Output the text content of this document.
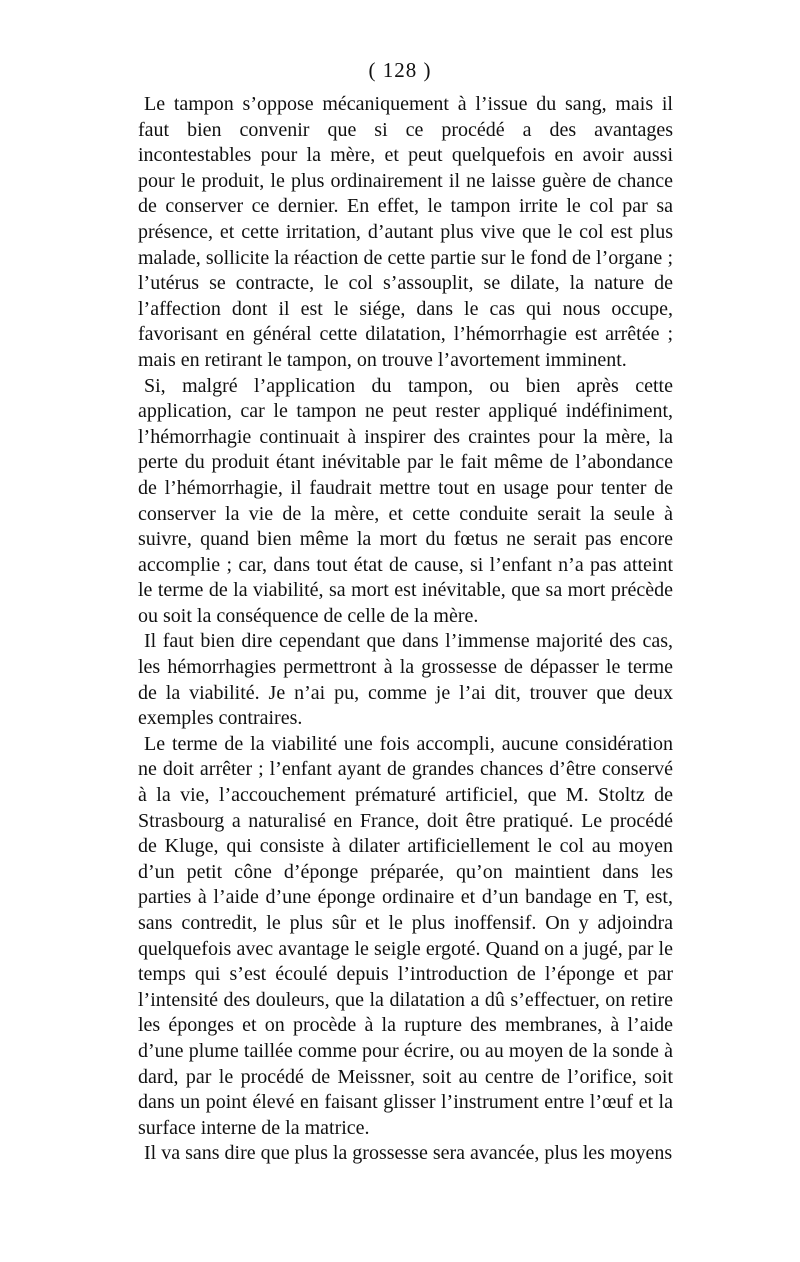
( 128 )

Le tampon s’oppose mécaniquement à l’issue du sang, mais il faut bien convenir que si ce procédé a des avantages incontestables pour la mère, et peut quelquefois en avoir aussi pour le produit, le plus ordinairement il ne laisse guère de chance de conserver ce dernier. En effet, le tampon irrite le col par sa présence, et cette irritation, d’autant plus vive que le col est plus malade, sollicite la réaction de cette partie sur le fond de l’organe ; l’utérus se contracte, le col s’assouplit, se dilate, la nature de l’affection dont il est le siége, dans le cas qui nous occupe, favorisant en général cette dilatation, l’hémorrhagie est arrêtée ; mais en retirant le tampon, on trouve l’avortement imminent.

Si, malgré l’application du tampon, ou bien après cette application, car le tampon ne peut rester appliqué indéfiniment, l’hémorrhagie continuait à inspirer des craintes pour la mère, la perte du produit étant inévitable par le fait même de l’abondance de l’hémorrhagie, il faudrait mettre tout en usage pour tenter de conserver la vie de la mère, et cette conduite serait la seule à suivre, quand bien même la mort du fœtus ne serait pas encore accomplie ; car, dans tout état de cause, si l’enfant n’a pas atteint le terme de la viabilité, sa mort est inévitable, que sa mort précède ou soit la conséquence de celle de la mère.

Il faut bien dire cependant que dans l’immense majorité des cas, les hémorrhagies permettront à la grossesse de dépasser le terme de la viabilité. Je n’ai pu, comme je l’ai dit, trouver que deux exemples contraires.

Le terme de la viabilité une fois accompli, aucune considération ne doit arrêter ; l’enfant ayant de grandes chances d’être conservé à la vie, l’accouchement prématuré artificiel, que M. Stoltz de Strasbourg a naturalisé en France, doit être pratiqué. Le procédé de Kluge, qui consiste à dilater artificiellement le col au moyen d’un petit cône d’éponge préparée, qu’on maintient dans les parties à l’aide d’une éponge ordinaire et d’un bandage en T, est, sans contredit, le plus sûr et le plus inoffensif. On y adjoindra quelquefois avec avantage le seigle ergoté. Quand on a jugé, par le temps qui s’est écoulé depuis l’introduction de l’éponge et par l’intensité des douleurs, que la dilatation a dû s’effectuer, on retire les éponges et on procède à la rupture des membranes, à l’aide d’une plume taillée comme pour écrire, ou au moyen de la sonde à dard, par le procédé de Meissner, soit au centre de l’orifice, soit dans un point élevé en faisant glisser l’instrument entre l’œuf et la surface interne de la matrice.

Il va sans dire que plus la grossesse sera avancée, plus les moyens
